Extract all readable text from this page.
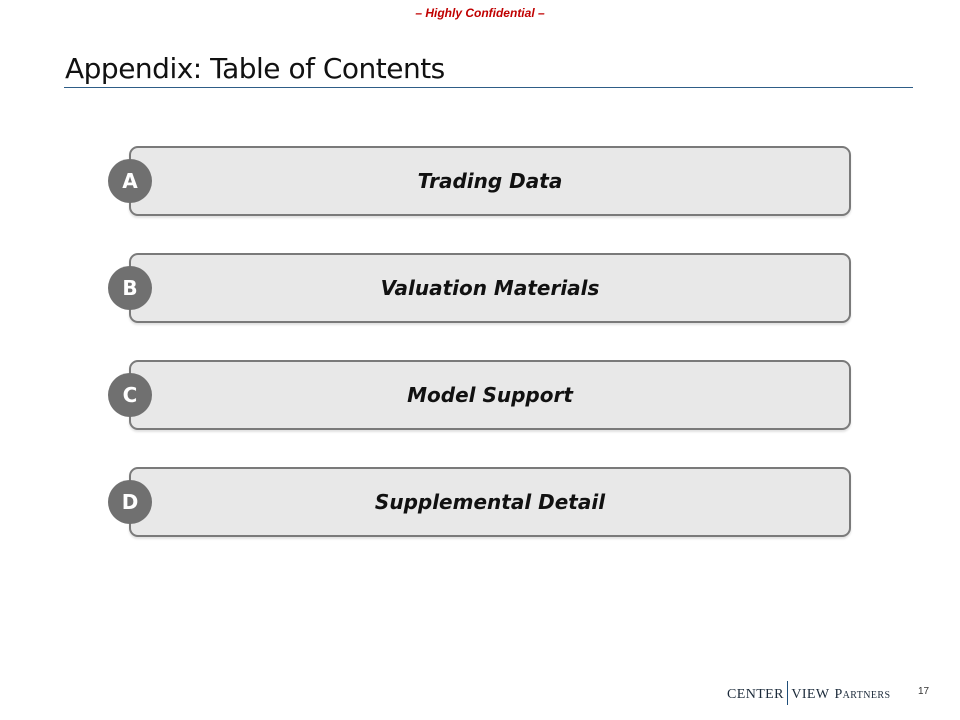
– Highly Confidential –
Appendix: Table of Contents
Trading Data
A
Valuation Materials
B
Model Support
C
Supplemental Detail
D
CENTER VIEW Partners	17
